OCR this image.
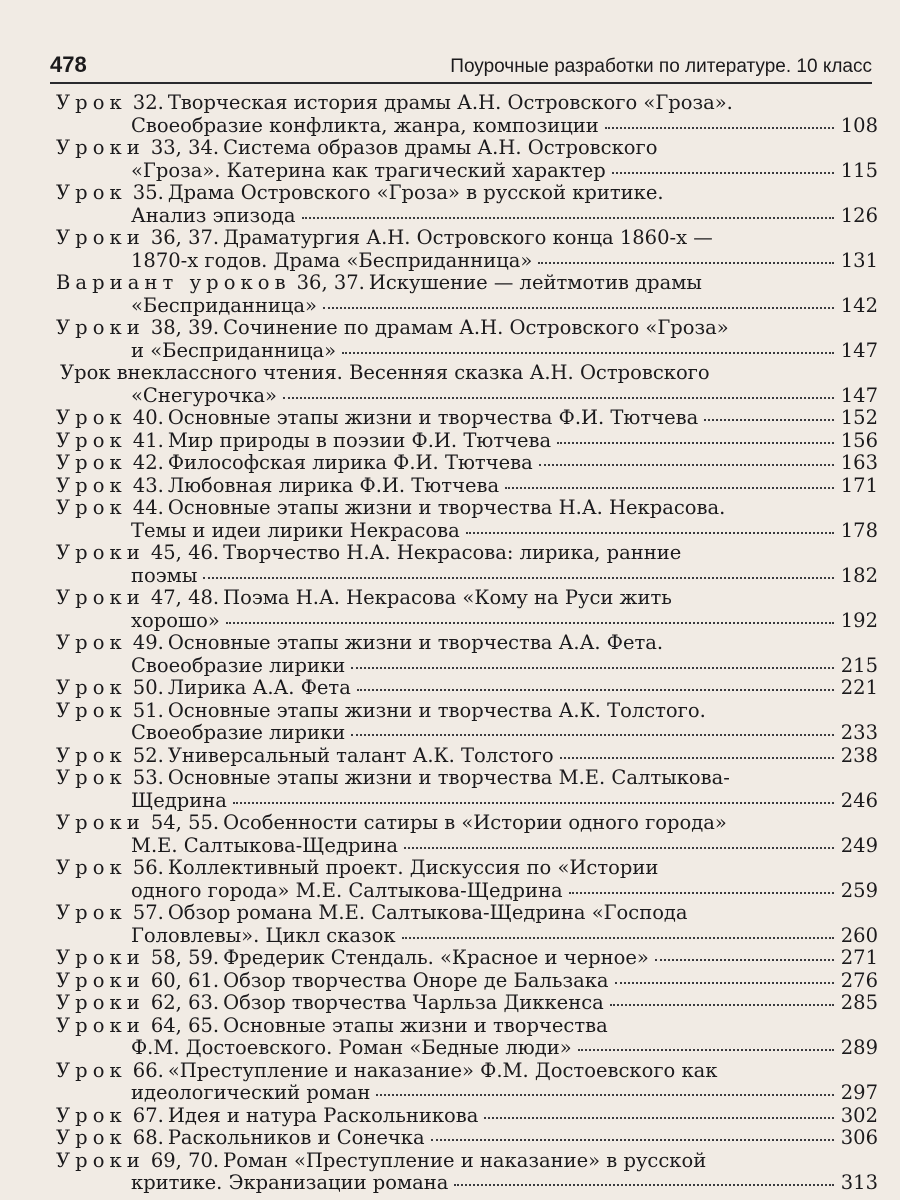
478	Поурочные разработки по литературе. 10 класс
Урок 32. Творческая история драмы А.Н. Островского «Гроза».
Своеобразие конфликта, жанра, композиции	108
Уроки 33, 34. Система образов драмы А.Н. Островского
«Гроза». Катерина как трагический характер	115
Урок 35. Драма Островского «Гроза» в русской критике.
Анализ эпизода	126
Уроки 36, 37. Драматургия А.Н. Островского конца 1860-х —
1870-х годов. Драма «Бесприданница»	131
Вариант уроков 36, 37. Искушение — лейтмотив драмы
«Бесприданница»	142
Уроки 38, 39. Сочинение по драмам А.Н. Островского «Гроза»
и «Бесприданница»	147
Урок внеклассного чтения. Весенняя сказка А.Н. Островского
«Снегурочка»	147
Урок 40. Основные этапы жизни и творчества Ф.И. Тютчева	152
Урок 41. Мир природы в поэзии Ф.И. Тютчева	156
Урок 42. Философская лирика Ф.И. Тютчева	163
Урок 43. Любовная лирика Ф.И. Тютчева	171
Урок 44. Основные этапы жизни и творчества Н.А. Некрасова.
Темы и идеи лирики Некрасова	178
Уроки 45, 46. Творчество Н.А. Некрасова: лирика, ранние
поэмы	182
Уроки 47, 48. Поэма Н.А. Некрасова «Кому на Руси жить
хорошо»	192
Урок 49. Основные этапы жизни и творчества А.А. Фета.
Своеобразие лирики	215
Урок 50. Лирика А.А. Фета	221
Урок 51. Основные этапы жизни и творчества А.К. Толстого.
Своеобразие лирики	233
Урок 52. Универсальный талант А.К. Толстого	238
Урок 53. Основные этапы жизни и творчества М.Е. Салтыкова-
Щедрина	246
Уроки 54, 55. Особенности сатиры в «Истории одного города»
М.Е. Салтыкова-Щедрина	249
Урок 56. Коллективный проект. Дискуссия по «Истории
одного города» М.Е. Салтыкова-Щедрина	259
Урок 57. Обзор романа М.Е. Салтыкова-Щедрина «Господа
Головлевы». Цикл сказок	260
Уроки 58, 59. Фредерик Стендаль. «Красное и черное»	271
Уроки 60, 61. Обзор творчества Оноре де Бальзака	276
Уроки 62, 63. Обзор творчества Чарльза Диккенса	285
Уроки 64, 65. Основные этапы жизни и творчества
Ф.М. Достоевского. Роман «Бедные люди»	289
Урок 66. «Преступление и наказание» Ф.М. Достоевского как
идеологический роман	297
Урок 67. Идея и натура Раскольникова	302
Урок 68. Раскольников и Сонечка	306
Уроки 69, 70. Роман «Преступление и наказание» в русской
критике. Экранизации романа	313
